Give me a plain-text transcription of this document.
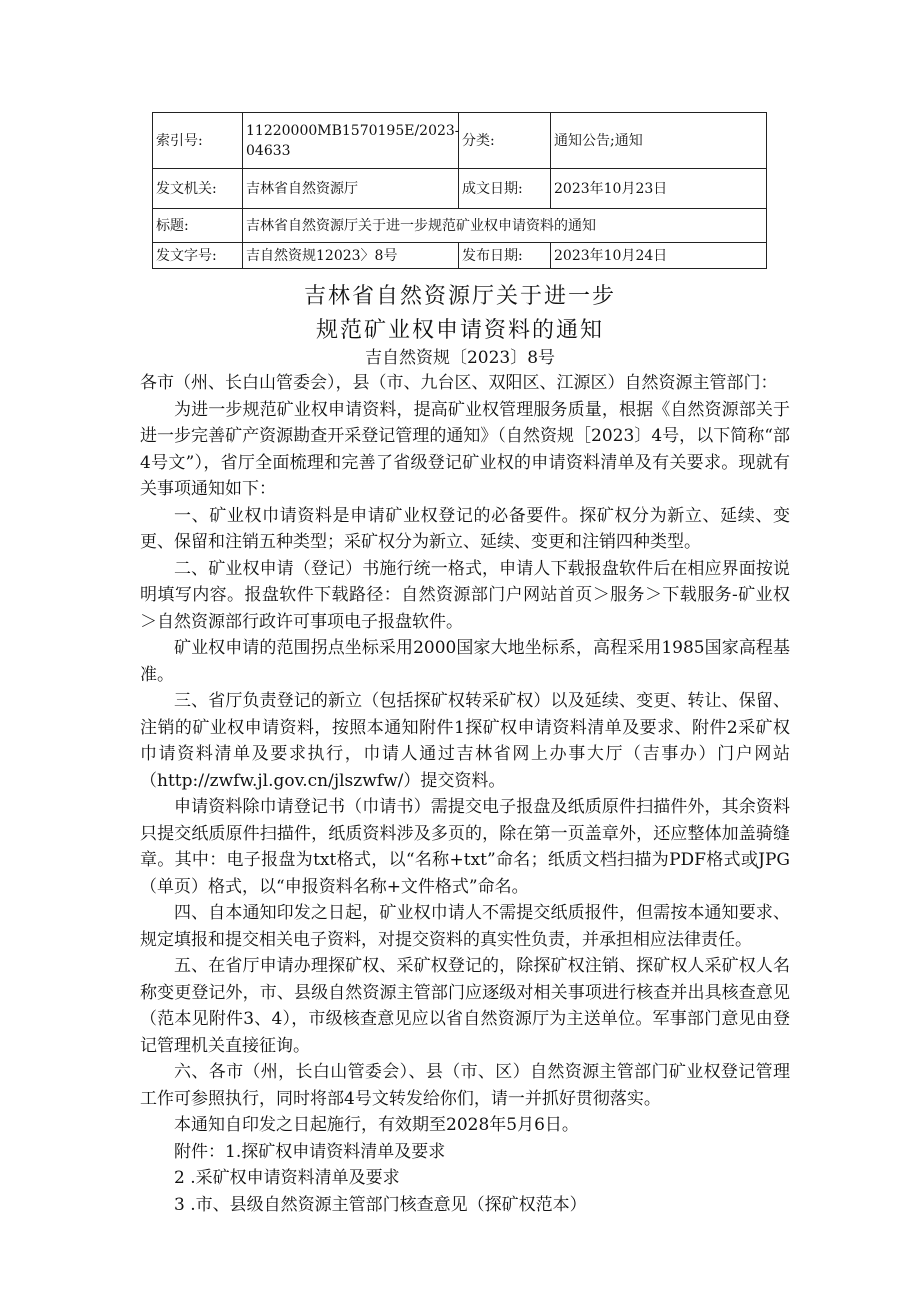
索引号:	11220000MB1570195E/2023-04633	分类:	通知公告;通知
发文机关:	吉林省自然资源厅	成文日期:	2023年10月23日
标题:	吉林省自然资源厅关于进一步规范矿业权申请资料的通知		
发文字号:	吉自然资规12023〉8号	发布日期:	2023年10月24日
吉林省自然资源厅关于进一步
规范矿业权申请资料的通知
吉自然资规〔2023〕8号

各市（州、长白山管委会），县（市、九台区、双阳区、江源区）自然资源主管部门：

为进一步规范矿业权申请资料，提高矿业权管理服务质量，根据《自然资源部关于进一步完善矿产资源勘查开采登记管理的通知》（自然资规［2023〕4号，以下简称“部4号文”），省厅全面梳理和完善了省级登记矿业权的申请资料清单及有关要求。现就有关事项通知如下：

一、矿业权巾请资料是申请矿业权登记的必备要件。探矿权分为新立、延续、变更、保留和注销五种类型；采矿权分为新立、延续、变更和注销四种类型。

二、矿业权申请（登记）书施行统一格式，申请人下载报盘软件后在相应界面按说明填写内容。报盘软件下载路径：自然资源部门户网站首页＞服务＞下载服务-矿业权＞自然资源部行政许可事项电子报盘软件。

矿业权申请的范围拐点坐标采用2000国家大地坐标系，高程采用1985国家高程基准。

三、省厅负责登记的新立（包括探矿权转采矿权）以及延续、变更、转让、保留、注销的矿业权申请资料，按照本通知附件1探矿权申请资料清单及要求、附件2采矿权巾请资料清单及要求执行，巾请人通过吉林省网上办事大厅（吉事办）门户网站（http://zwfw.jl.gov.cn/jlszwfw/）提交资料。

申请资料除巾请登记书（巾请书）需提交电子报盘及纸质原件扫描件外，其余资料只提交纸质原件扫描件，纸质资料涉及多页的，除在第一页盖章外，还应整体加盖骑缝章。其中：电子报盘为txt格式，以“名称+txt”命名；纸质文档扫描为PDF格式或JPG（单页）格式，以“申报资料名称+文件格式”命名。

四、自本通知印发之日起，矿业权巾请人不需提交纸质报件，但需按本通知要求、规定填报和提交相关电子资料，对提交资料的真实性负责，并承担相应法律责任。

五、在省厅申请办理探矿权、采矿权登记的，除探矿权注销、探矿权人采矿权人名称变更登记外，市、县级自然资源主管部门应逐级对相关事项进行核查并出具核查意见（范本见附件3、4），市级核查意见应以省自然资源厅为主送单位。军事部门意见由登记管理机关直接征询。

六、各市（州，长白山管委会）、县（市、区）自然资源主管部门矿业权登记管理工作可参照执行，同时将部4号文转发给你们，请一并抓好贯彻落实。

本通知自印发之日起施行，有效期至2028年5月6日。

附件：1.探矿权申请资料清单及要求

2 .采矿权申请资料清单及要求

3 .市、县级自然资源主管部门核查意见（探矿权范本）
